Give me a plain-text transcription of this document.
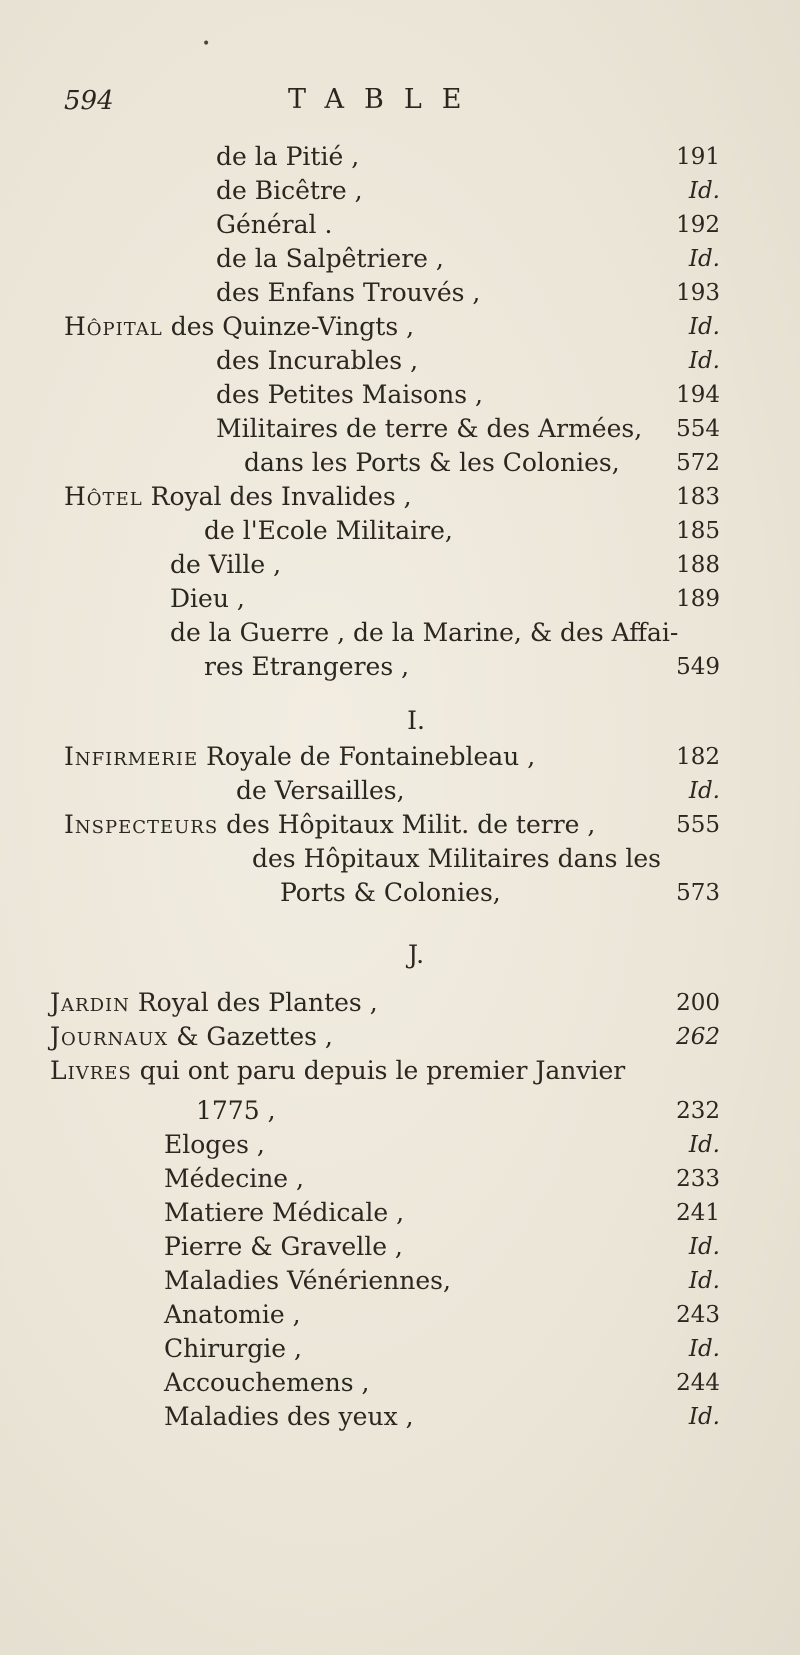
•
594	TABLE
I.
J.
de la Pitié ,	191
de Bicêtre ,	Id.
Général .	192
de la Salpêtriere ,	Id.
des Enfans Trouvés ,	193
Hôpital des Quinze-Vingts ,	Id.
des Incurables ,	Id.
des Petites Maisons ,	194
Militaires de terre & des Armées, 554
dans les Ports & les Colonies, 572
Hôtel Royal des Invalides ,	183
de l'Ecole Militaire,	185
de Ville ,	188
Dieu ,	189
de la Guerre , de la Marine, & des Affai-
res Etrangeres ,	549
Infirmerie Royale de Fontainebleau ,	182
de Versailles,	Id.
Inspecteurs des Hôpitaux Milit. de terre ,	555
des Hôpitaux Militaires dans les
Ports & Colonies,	573
Jardin Royal des Plantes ,	200
Journaux & Gazettes ,	262
Livres qui ont paru depuis le premier Janvier
1775 ,	232
Eloges ,	Id.
Médecine ,	233
Matiere Médicale ,	241
Pierre & Gravelle ,	Id.
Maladies Vénériennes,	Id.
Anatomie ,	243
Chirurgie ,	Id.
Accouchemens ,	244
Maladies des yeux ,	Id.
